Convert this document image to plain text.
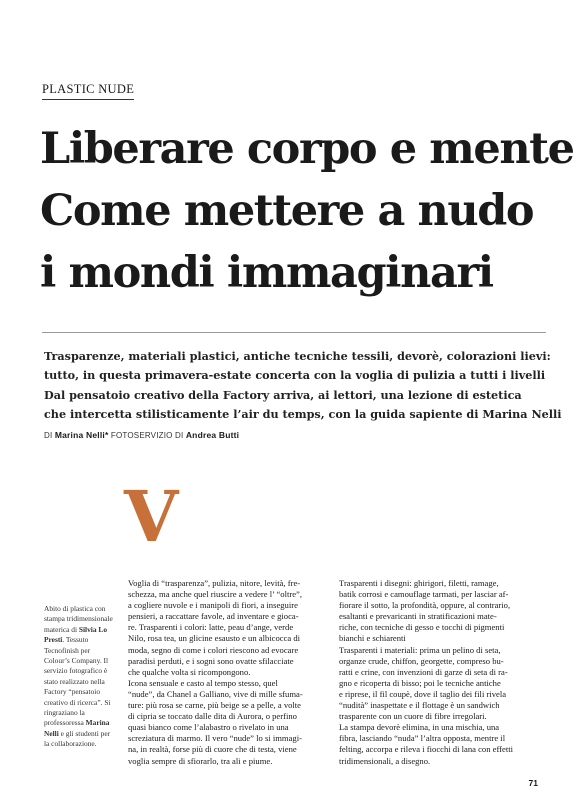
PLASTIC NUDE
Liberare corpo e mente
Come mettere a nudo
i mondi immaginari
Trasparenze, materiali plastici, antiche tecniche tessili, devorè, colorazioni lievi:
tutto, in questa primavera-estate concerta con la voglia di pulizia a tutti i livelli
Dal pensatoio creativo della Factory arriva, ai lettori, una lezione di estetica
che intercetta stilisticamente l’air du temps, con la guida sapiente di Marina Nelli
DI Marina Nelli* FOTOSERVIZIO DI Andrea Butti
V
Abito di plastica con stampa tridimensionale materica di Silvia Lo Presti. Tessuto Tecnofinish per Colour’s Company. Il servizio fotografico è stato realizzato nella Factory “pensatoio creativo di ricerca”. Si ringraziano la professoressa Marina Nelli e gli studenti per la collaborazione.
Voglia di “trasparenza”, pulizia, nitore, levità, fre-
schezza, ma anche quel riuscire a vedere l’ “oltre”,
a cogliere nuvole e i manipoli di fiori, a inseguire
pensieri, a raccattare favole, ad inventare e gioca-
re. Trasparenti i colori: latte, peau d’ange, verde
Nilo, rosa tea, un glicine esausto e un albicocca di
moda, segno di come i colori riescono ad evocare
paradisi perduti, e i sogni sono ovatte sfilacciate
che qualche volta si ricompongono.
Icona sensuale e casto al tempo stesso, quel
“nude”, da Chanel a Galliano, vive di mille sfuma-
ture: più rosa se carne, più beige se a pelle, a volte
di cipria se toccato dalle dita di Aurora, o perfino
quasi bianco come l’alabastro o rivelato in una
screziatura di marmo. Il vero “nude” lo si immagi-
na, in realtà, forse più di cuore che di testa, viene
voglia sempre di sfiorarlo, tra ali e piume.
Trasparenti i disegni: ghirigori, filetti, ramage,
batik corrosi e camouflage tarmati, per lasciar af-
fiorare il sotto, la profondità, oppure, al contrario,
esaltanti e prevaricanti in stratificazioni mate-
riche, con tecniche di gesso e tocchi di pigmenti
bianchi e schiarenti
Trasparenti i materiali: prima un pelino di seta,
organze crude, chiffon, georgette, compreso bu-
ratti e crine, con invenzioni di garze di seta di ra-
gno e ricoperta di bisso; poi le tecniche antiche
e riprese, il fil coupè, dove il taglio dei fili rivela
“nudità” inaspettate e il flottage è un sandwich
trasparente con un cuore di fibre irregolari.
La stampa devorè elimina, in una mischia, una
fibra, lasciando “nuda” l’altra opposta, mentre il
felting, accorpa e rileva i fiocchi di lana con effetti
tridimensionali, a disegno.
71
